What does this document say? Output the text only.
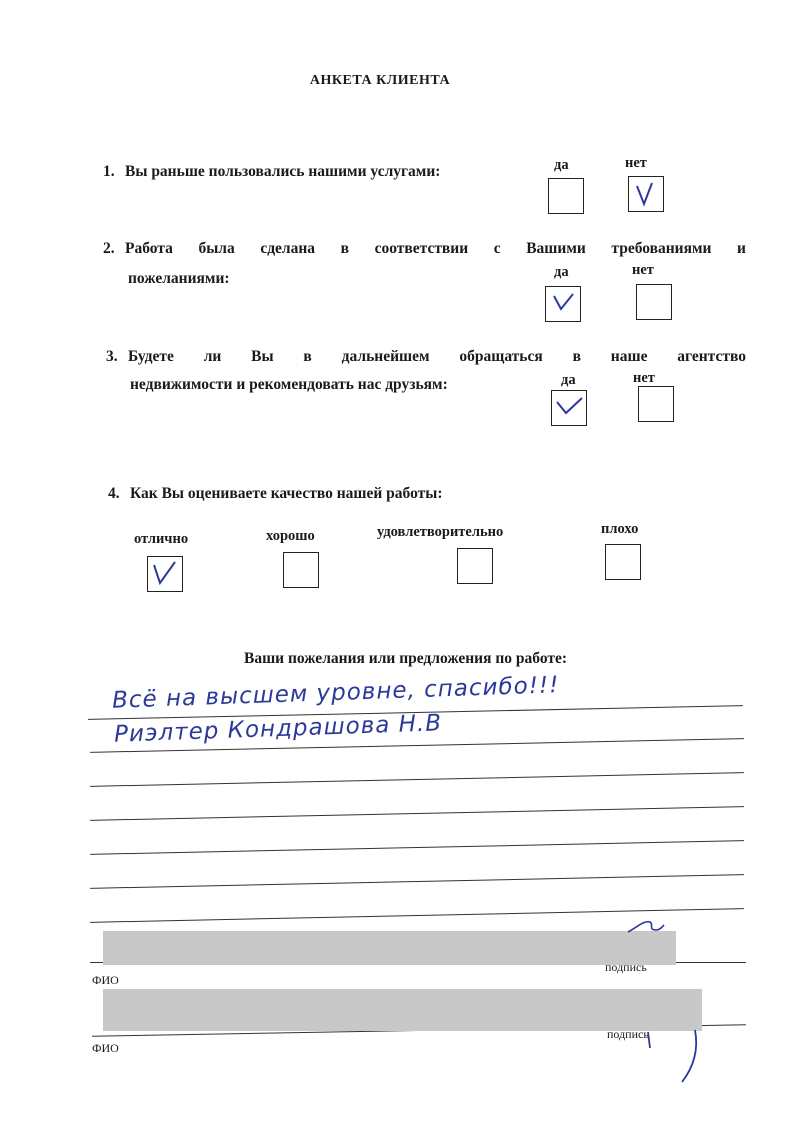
АНКЕТА КЛИЕНТА
1. Вы раньше пользовались нашими услугами:	да	нет
2. Работа была сделана в соответствии с Вашими требованиями и
пожеланиями:	да	нет
3. Будете ли Вы в дальнейшем обращаться в наше агентство
недвижимости и рекомендовать нас друзьям:	да	нет
4. Как Вы оцениваете качество нашей работы:
отлично	хорошо	удовлетворительно	плохо
Ваши пожелания или предложения по работе:
Всё на высшем уровне, спасибо!!!
Риэлтер Кондрашова Н.В
ФИО
подпись
ФИО
подпись
